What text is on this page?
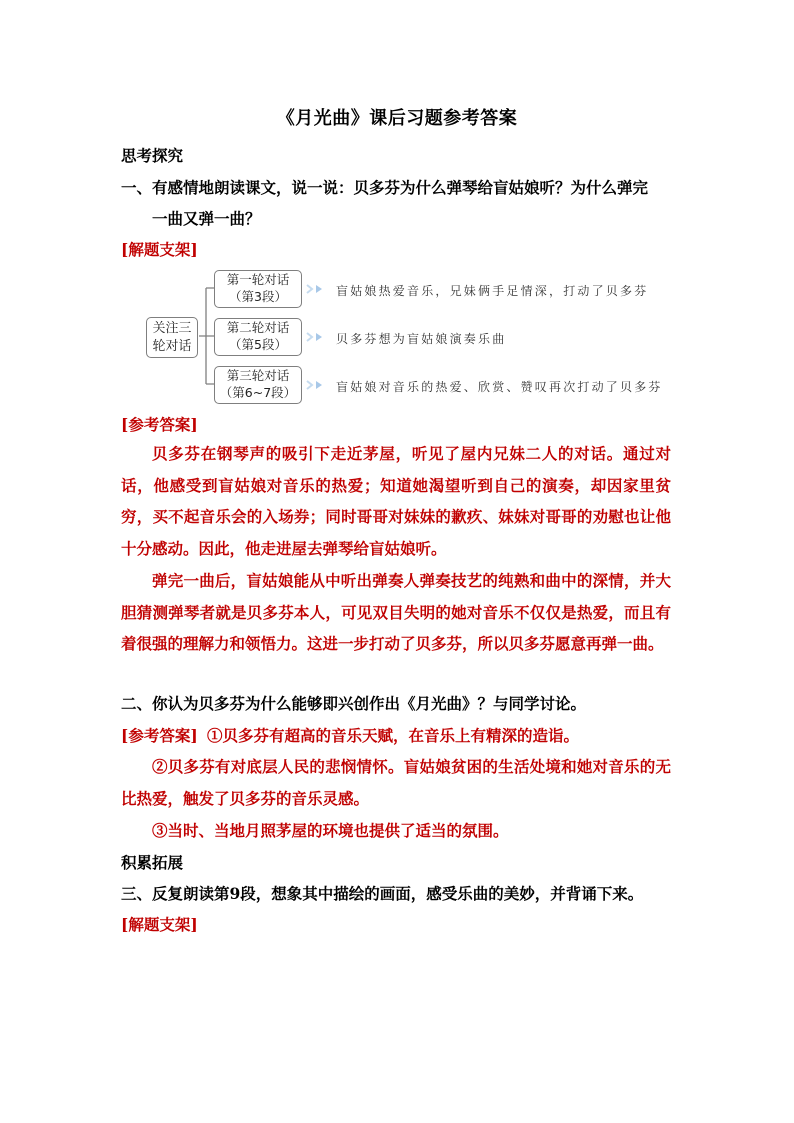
《月光曲》课后习题参考答案
思考探究
一、有感情地朗读课文，说一说：贝多芬为什么弹琴给盲姑娘听？为什么弹完
一曲又弹一曲？
[解题支架]
关注三
轮对话
第一轮对话
（第3段）	盲姑娘热爱音乐，兄妹俩手足情深，打动了贝多芬
第二轮对话
（第5段）	贝多芬想为盲姑娘演奏乐曲
第三轮对话
（第6~7段）	盲姑娘对音乐的热爱、欣赏、赞叹再次打动了贝多芬
[参考答案]

贝多芬在钢琴声的吸引下走近茅屋，听见了屋内兄妹二人的对话。通过对话，他感受到盲姑娘对音乐的热爱；知道她渴望听到自己的演奏，却因家里贫穷，买不起音乐会的入场券；同时哥哥对妹妹的歉疚、妹妹对哥哥的劝慰也让他十分感动。因此，他走进屋去弹琴给盲姑娘听。

弹完一曲后，盲姑娘能从中听出弹奏人弹奏技艺的纯熟和曲中的深情，并大胆猜测弹琴者就是贝多芬本人，可见双目失明的她对音乐不仅仅是热爱，而且有着很强的理解力和领悟力。这进一步打动了贝多芬，所以贝多芬愿意再弹一曲。

二、你认为贝多芬为什么能够即兴创作出《月光曲》？与同学讨论。
[参考答案] ①贝多芬有超高的音乐天赋，在音乐上有精深的造诣。

②贝多芬有对底层人民的悲悯情怀。盲姑娘贫困的生活处境和她对音乐的无比热爱，触发了贝多芬的音乐灵感。

③当时、当地月照茅屋的环境也提供了适当的氛围。
积累拓展
三、反复朗读第9段，想象其中描绘的画面，感受乐曲的美妙，并背诵下来。
[解题支架]
